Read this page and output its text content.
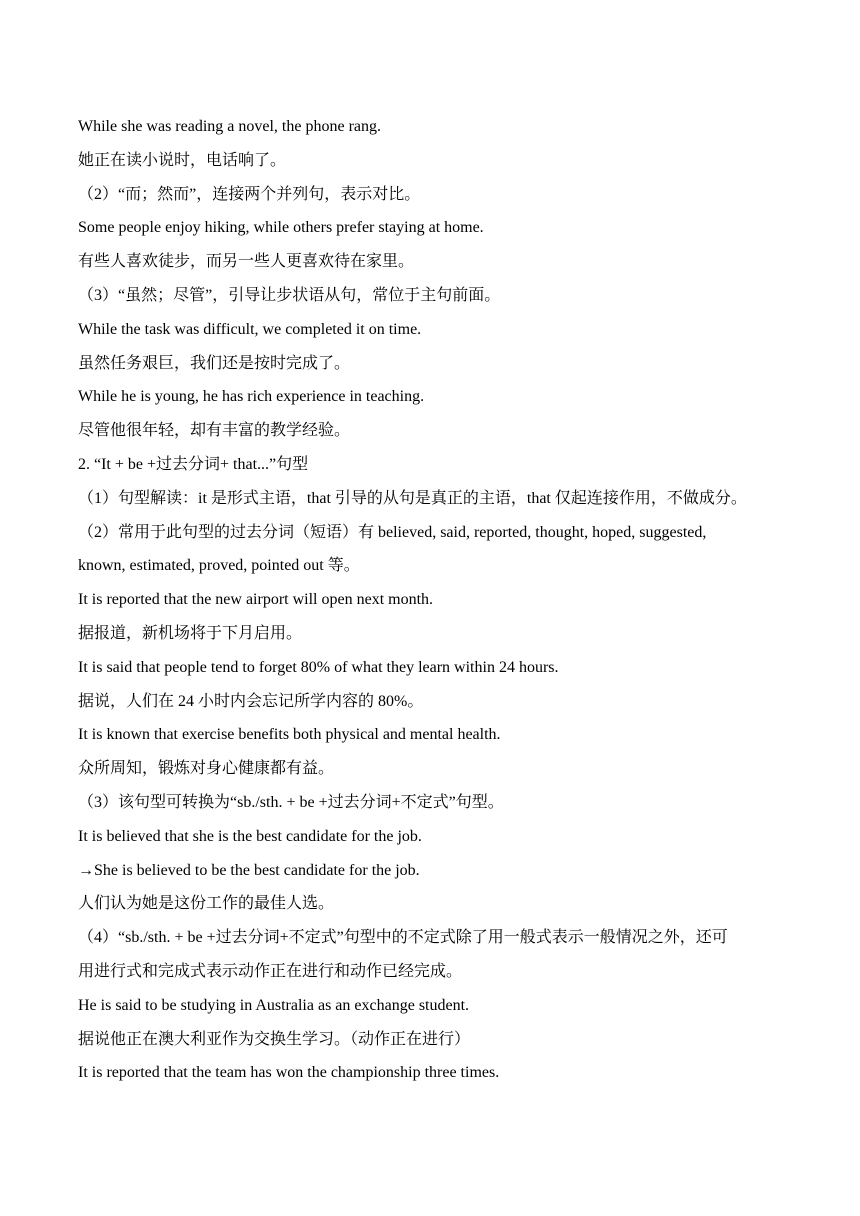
While she was reading a novel, the phone rang.
她正在读小说时，电话响了。
（2）“而；然而”，连接两个并列句，表示对比。
Some people enjoy hiking, while others prefer staying at home.
有些人喜欢徒步，而另一些人更喜欢待在家里。
（3）“虽然；尽管”，引导让步状语从句，常位于主句前面。
While the task was difficult, we completed it on time.
虽然任务艰巨，我们还是按时完成了。
While he is young, he has rich experience in teaching.
尽管他很年轻，却有丰富的教学经验。
2. “It + be +过去分词+ that...”句型
（1）句型解读：it 是形式主语，that 引导的从句是真正的主语，that 仅起连接作用，不做成分。
（2）常用于此句型的过去分词（短语）有 believed, said, reported, thought, hoped, suggested,
known, estimated, proved, pointed out 等。
It is reported that the new airport will open next month.
据报道，新机场将于下月启用。
It is said that people tend to forget 80% of what they learn within 24 hours.
据说，人们在 24 小时内会忘记所学内容的 80%。
It is known that exercise benefits both physical and mental health.
众所周知，锻炼对身心健康都有益。
（3）该句型可转换为“sb./sth. + be +过去分词+不定式”句型。
It is believed that she is the best candidate for the job.
→She is believed to be the best candidate for the job.
人们认为她是这份工作的最佳人选。
（4）“sb./sth. + be +过去分词+不定式”句型中的不定式除了用一般式表示一般情况之外，还可
用进行式和完成式表示动作正在进行和动作已经完成。
He is said to be studying in Australia as an exchange student.
据说他正在澳大利亚作为交换生学习。（动作正在进行）
It is reported that the team has won the championship three times.
